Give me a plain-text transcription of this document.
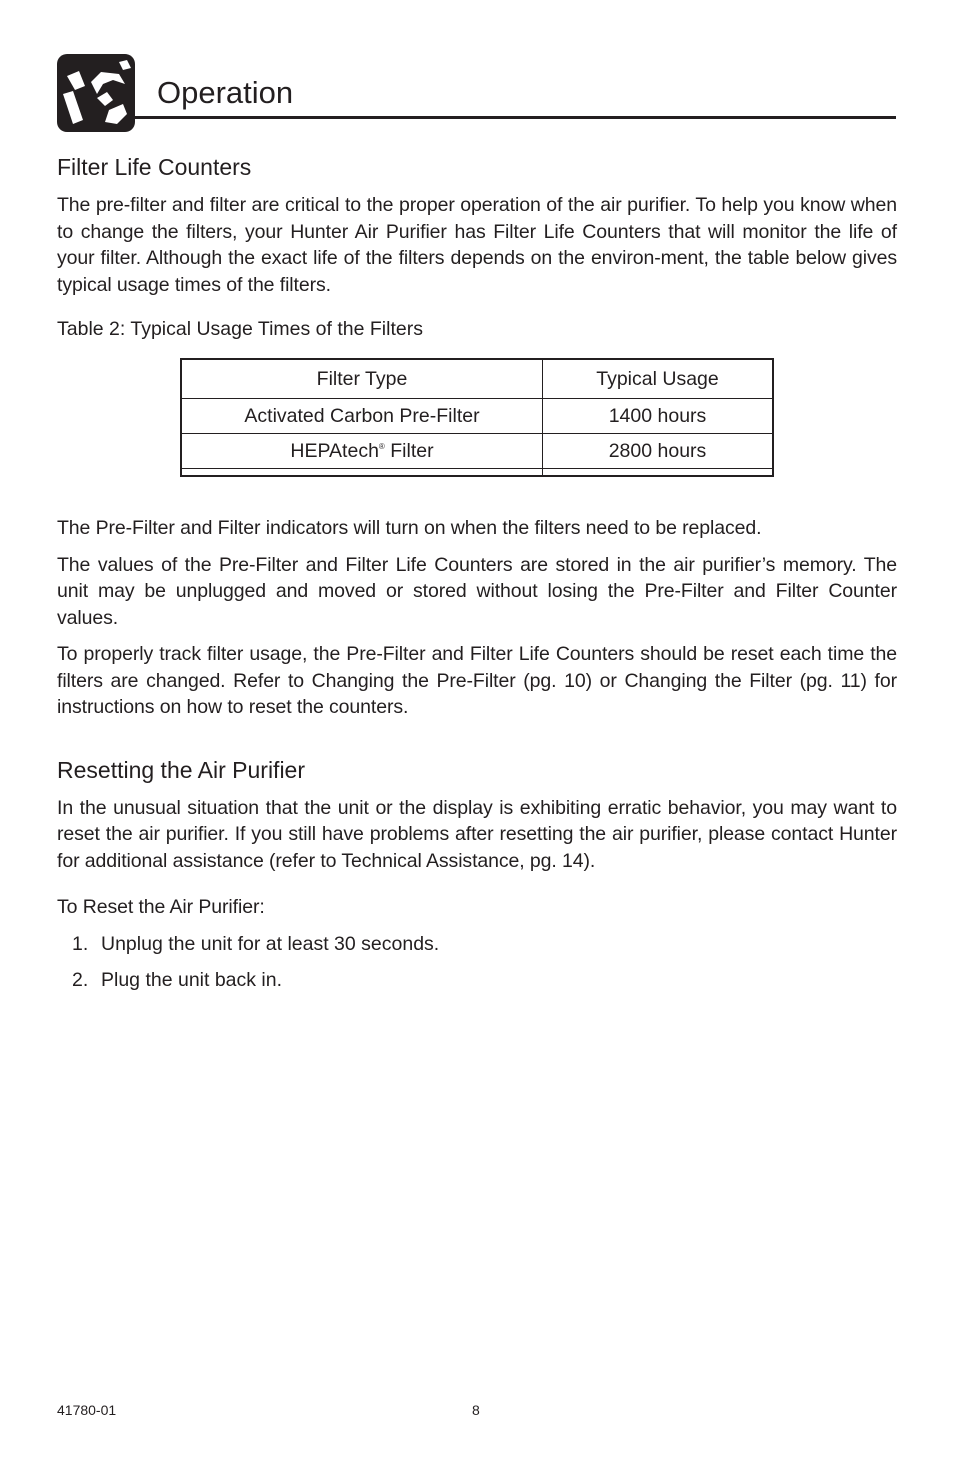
Operation
Filter Life Counters

The pre-filter and filter are critical to the proper operation of the air purifier. To help you know when to change the filters, your Hunter Air Purifier has Filter Life Counters that will monitor the life of your filter. Although the exact life of the filters depends on the environ-ment, the table below gives typical usage times of the filters.

Table 2: Typical Usage Times of the Filters

Filter Type	Typical Usage
Activated Carbon Pre-Filter	1400 hours
HEPAtech® Filter	2800 hours

The Pre-Filter and Filter indicators will turn on when the filters need to be replaced.

The values of the Pre-Filter and Filter Life Counters are stored in the air purifier’s memory. The unit may be unplugged and moved or stored without losing the Pre-Filter and Filter Counter values.

To properly track filter usage, the Pre-Filter and Filter Life Counters should be reset each time the filters are changed. Refer to Changing the Pre-Filter (pg. 10) or Changing the Filter (pg. 11) for instructions on how to reset the counters.

Resetting the Air Purifier

In the unusual situation that the unit or the display is exhibiting erratic behavior, you may want to reset the air purifier. If you still have problems after resetting the air purifier, please contact Hunter for additional assistance (refer to Technical Assistance, pg. 14).

To Reset the Air Purifier:

1. Unplug the unit for at least 30 seconds.
2. Plug the unit back in.
41780-01	8
